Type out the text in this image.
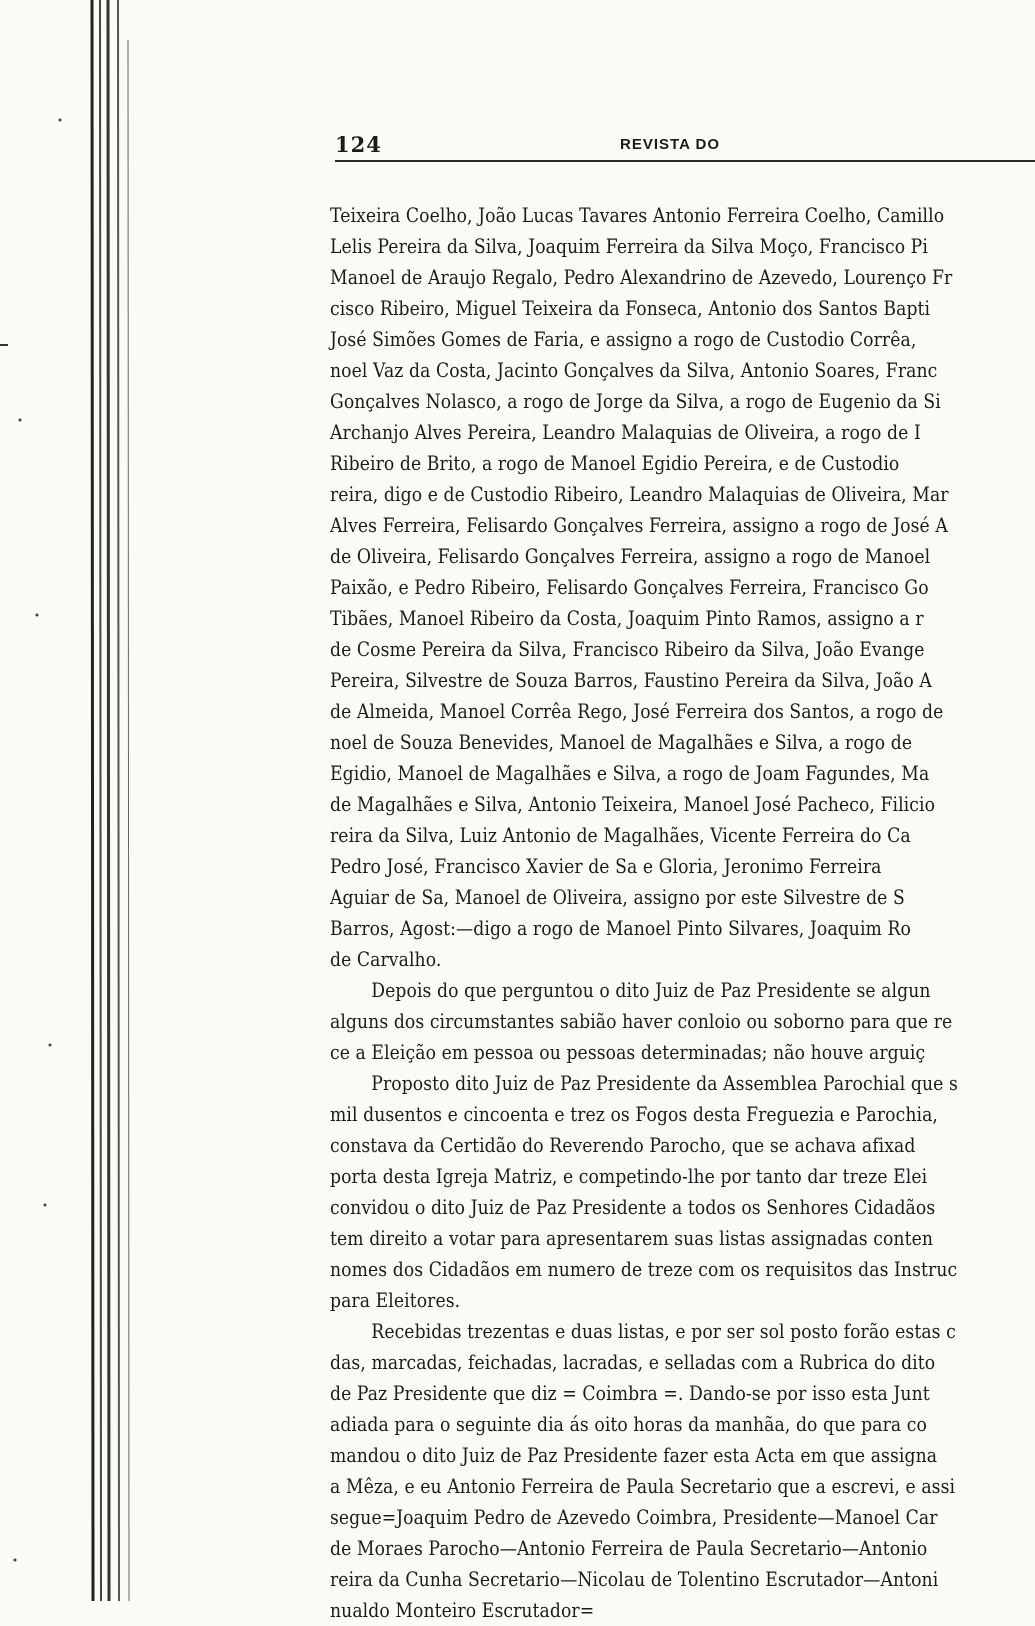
124	REVISTA DO
Teixeira Coelho, João Lucas Tavares Antonio Ferreira Coelho, Camillo
Lelis Pereira da Silva, Joaquim Ferreira da Silva Moço, Francisco Pi
Manoel de Araujo Regalo, Pedro Alexandrino de Azevedo, Lourenço Fr
cisco Ribeiro, Miguel Teixeira da Fonseca, Antonio dos Santos Bapti
José Simões Gomes de Faria, e assigno a rogo de Custodio Corrêa,
noel Vaz da Costa, Jacinto Gonçalves da Silva, Antonio Soares, Franc
Gonçalves Nolasco, a rogo de Jorge da Silva, a rogo de Eugenio da Si
Archanjo Alves Pereira, Leandro Malaquias de Oliveira, a rogo de I
Ribeiro de Brito, a rogo de Manoel Egidio Pereira, e de Custodio
reira, digo e de Custodio Ribeiro, Leandro Malaquias de Oliveira, Mar
Alves Ferreira, Felisardo Gonçalves Ferreira, assigno a rogo de José A
de Oliveira, Felisardo Gonçalves Ferreira, assigno a rogo de Manoel
Paixão, e Pedro Ribeiro, Felisardo Gonçalves Ferreira, Francisco Go
Tibães, Manoel Ribeiro da Costa, Joaquim Pinto Ramos, assigno a r
de Cosme Pereira da Silva, Francisco Ribeiro da Silva, João Evange
Pereira, Silvestre de Souza Barros, Faustino Pereira da Silva, João A
de Almeida, Manoel Corrêa Rego, José Ferreira dos Santos, a rogo de
noel de Souza Benevides, Manoel de Magalhães e Silva, a rogo de
Egidio, Manoel de Magalhães e Silva, a rogo de Joam Fagundes, Ma
de Magalhães e Silva, Antonio Teixeira, Manoel José Pacheco, Filicio
reira da Silva, Luiz Antonio de Magalhães, Vicente Ferreira do Ca
Pedro José, Francisco Xavier de Sa e Gloria, Jeronimo Ferreira
Aguiar de Sa, Manoel de Oliveira, assigno por este Silvestre de S
Barros, Agost:—digo a rogo de Manoel Pinto Silvares, Joaquim Ro
de Carvalho.
Depois do que perguntou o dito Juiz de Paz Presidente se algun
alguns dos circumstantes sabião haver conloio ou soborno para que re
ce a Eleição em pessoa ou pessoas determinadas; não houve arguiç
Proposto dito Juiz de Paz Presidente da Assemblea Parochial que s
mil dusentos e cincoenta e trez os Fogos desta Freguezia e Parochia,
constava da Certidão do Reverendo Parocho, que se achava afixad
porta desta Igreja Matriz, e competindo-lhe por tanto dar treze Elei
convidou o dito Juiz de Paz Presidente a todos os Senhores Cidadãos
tem direito a votar para apresentarem suas listas assignadas conten
nomes dos Cidadãos em numero de treze com os requisitos das Instruc
para Eleitores.
Recebidas trezentas e duas listas, e por ser sol posto forão estas c
das, marcadas, feichadas, lacradas, e selladas com a Rubrica do dito
de Paz Presidente que diz = Coimbra =. Dando-se por isso esta Junt
adiada para o seguinte dia ás oito horas da manhãa, do que para co
mandou o dito Juiz de Paz Presidente fazer esta Acta em que assigna
a Mêza, e eu Antonio Ferreira de Paula Secretario que a escrevi, e assi
segue=Joaquim Pedro de Azevedo Coimbra, Presidente—Manoel Car
de Moraes Parocho—Antonio Ferreira de Paula Secretario—Antonio
reira da Cunha Secretario—Nicolau de Tolentino Escrutador—Antoni
nualdo Monteiro Escrutador=
